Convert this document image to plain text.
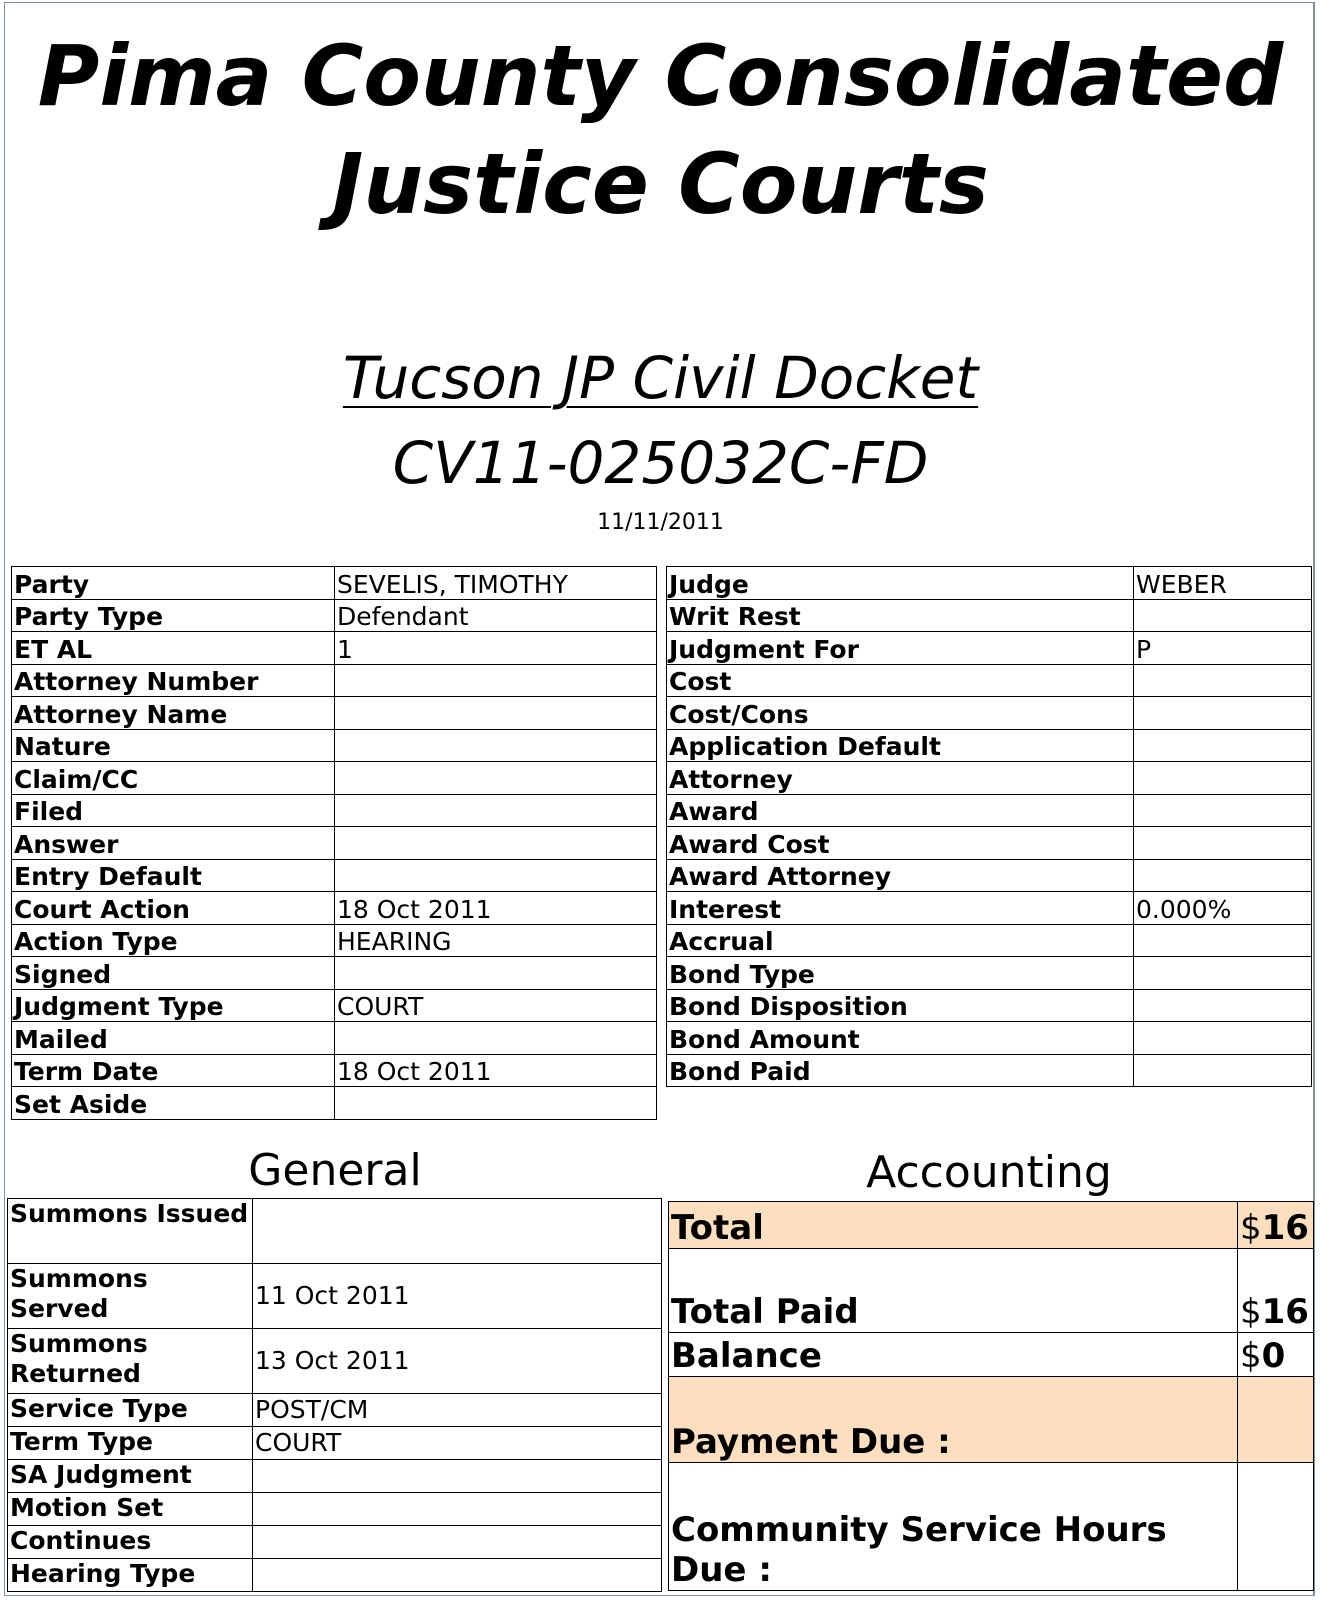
Pima County Consolidated Justice Courts
Tucson JP Civil Docket
CV11-025032C-FD
11/11/2011
Party	SEVELIS, TIMOTHY
Party Type	Defendant
ET AL	1
Attorney Number	
Attorney Name	
Nature	
Claim/CC	
Filed	
Answer	
Entry Default	
Court Action	18 Oct 2011
Action Type	HEARING
Signed	
Judgment Type	COURT
Mailed	
Term Date	18 Oct 2011
Set Aside	
Judge	WEBER
Writ Rest	
Judgment For	P
Cost	
Cost/Cons	
Application Default	
Attorney	
Award	
Award Cost	
Award Attorney	
Interest	0.000%
Accrual	
Bond Type	
Bond Disposition	
Bond Amount	
Bond Paid	
General	Accounting
Summons Issued	
Summons Served	11 Oct 2011
Summons Returned	13 Oct 2011
Service Type	POST/CM
Term Type	COURT
SA Judgment	
Motion Set	
Continues	
Hearing Type	
Total	$16
Total Paid	$16
Balance	$0
Payment Due :	
Community Service Hours Due :	
